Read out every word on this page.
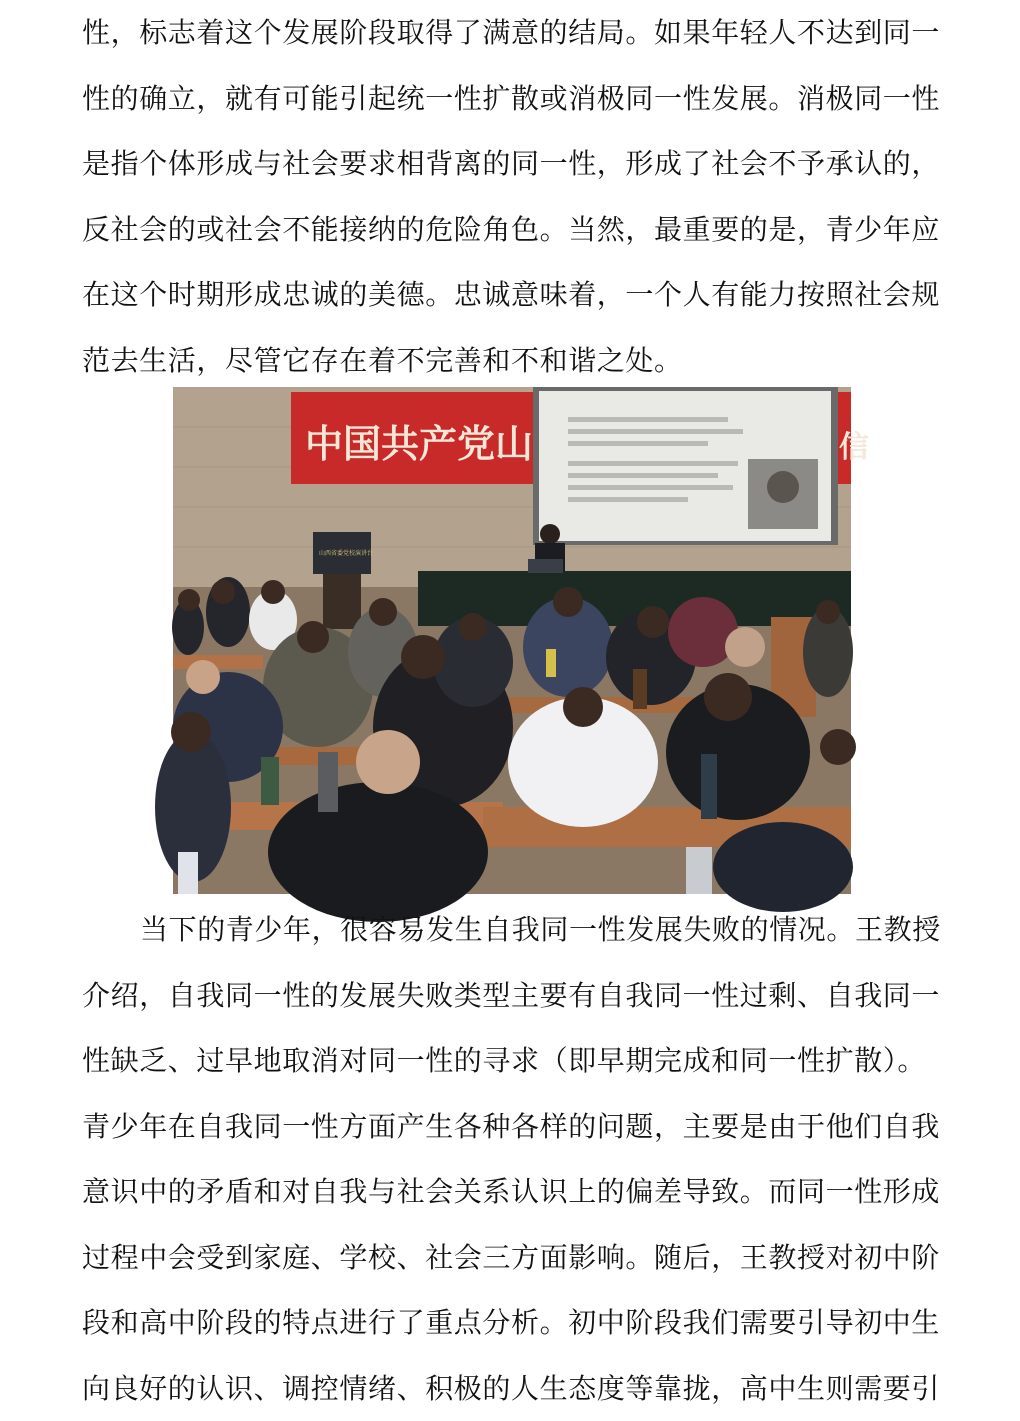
性，标志着这个发展阶段取得了满意的结局。如果年轻人不达到同一
性的确立，就有可能引起统一性扩散或消极同一性发展。消极同一性
是指个体形成与社会要求相背离的同一性，形成了社会不予承认的，
反社会的或社会不能接纳的危险角色。当然，最重要的是，青少年应
在这个时期形成忠诚的美德。忠诚意味着，一个人有能力按照社会规
范去生活，尽管它存在着不完善和不和谐之处。
中国共产党山	信
山西省委党校演讲台
当下的青少年，很容易发生自我同一性发展失败的情况。王教授
介绍，自我同一性的发展失败类型主要有自我同一性过剩、自我同一
性缺乏、过早地取消对同一性的寻求（即早期完成和同一性扩散）。
青少年在自我同一性方面产生各种各样的问题，主要是由于他们自我
意识中的矛盾和对自我与社会关系认识上的偏差导致。而同一性形成
过程中会受到家庭、学校、社会三方面影响。随后，王教授对初中阶
段和高中阶段的特点进行了重点分析。初中阶段我们需要引导初中生
向良好的认识、调控情绪、积极的人生态度等靠拢，高中生则需要引
